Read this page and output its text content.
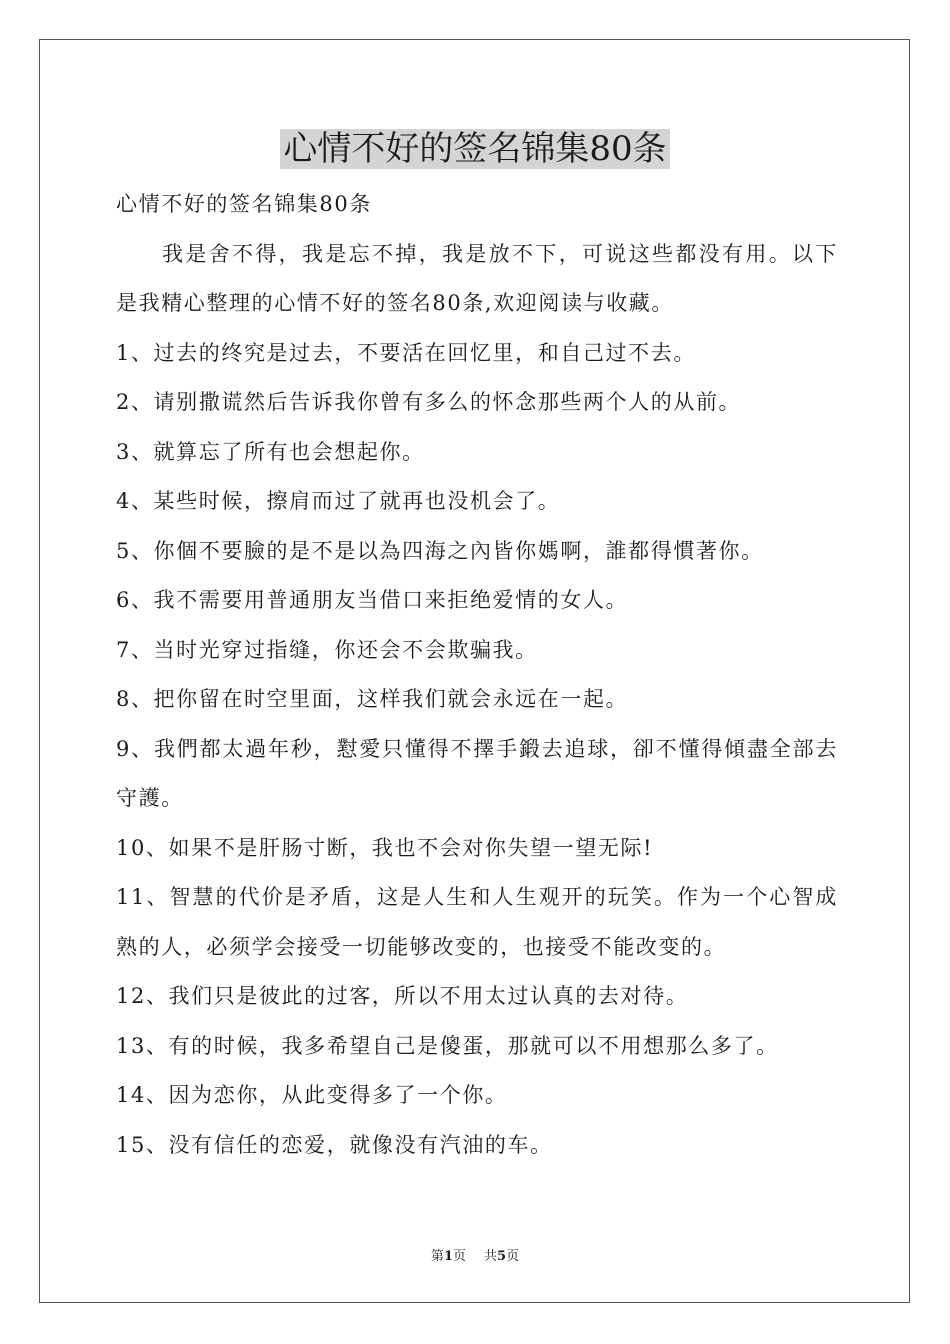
心情不好的签名锦集80条

心情不好的签名锦集80条

我是舍不得，我是忘不掉，我是放不下，可说这些都没有用。以下是我精心整理的心情不好的签名80条,欢迎阅读与收藏。

1、过去的终究是过去，不要活在回忆里，和自己过不去。

2、请别撒谎然后告诉我你曾有多么的怀念那些两个人的从前。

3、就算忘了所有也会想起你。

4、某些时候，擦肩而过了就再也没机会了。

5、你個不要臉的是不是以為四海之內皆你媽啊，誰都得慣著你。

6、我不需要用普通朋友当借口来拒绝爱情的女人。

7、当时光穿过指缝，你还会不会欺骗我。

8、把你留在时空里面，这样我们就会永远在一起。

9、我們都太過年秒，懟愛只懂得不擇手鍛去追球，卻不懂得傾盡全部去守護。

10、如果不是肝肠寸断，我也不会对你失望一望无际!

11、智慧的代价是矛盾，这是人生和人生观开的玩笑。作为一个心智成熟的人，必须学会接受一切能够改变的，也接受不能改变的。

12、我们只是彼此的过客，所以不用太过认真的去对待。

13、有的时候，我多希望自己是傻蛋，那就可以不用想那么多了。

14、因为恋你，从此变得多了一个你。

15、没有信任的恋爱，就像没有汽油的车。

第1页 共5页
